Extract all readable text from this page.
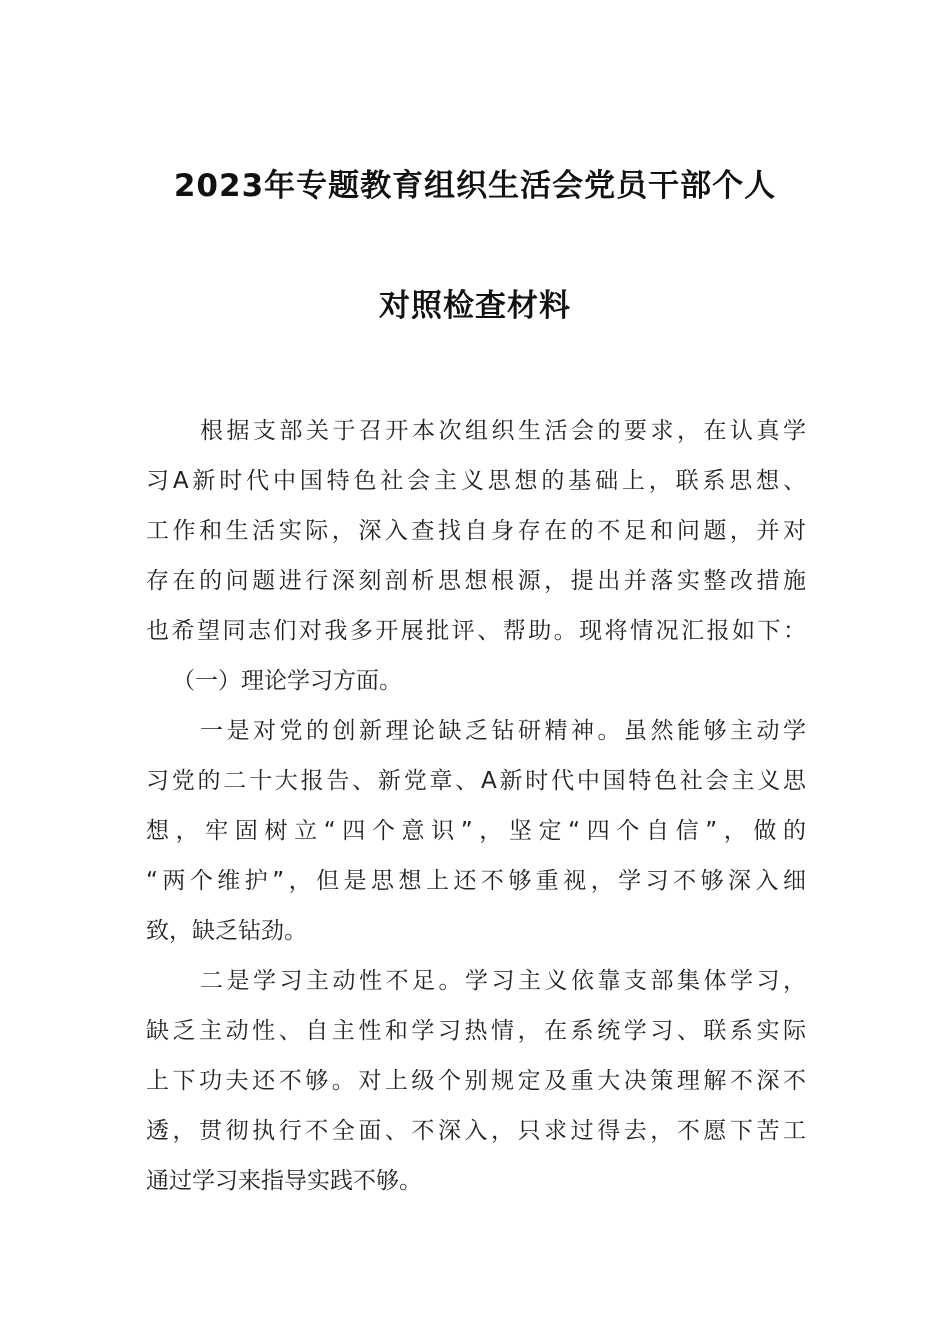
2023年专题教育组织生活会党员干部个人
对照检查材料
根据支部关于召开本次组织生活会的要求，在认真学
习A新时代中国特色社会主义思想的基础上，联系思想、
工作和生活实际，深入查找自身存在的不足和问题，并对
存在的问题进行深刻剖析思想根源，提出并落实整改措施
也希望同志们对我多开展批评、帮助。现将情况汇报如下：
（一）理论学习方面。
一是对党的创新理论缺乏钻研精神。虽然能够主动学
习党的二十大报告、新党章、A新时代中国特色社会主义思
想，牢固树立“四个意识”，坚定“四个自信”，做的
“两个维护”，但是思想上还不够重视，学习不够深入细
致，缺乏钻劲。
二是学习主动性不足。学习主义依靠支部集体学习，
缺乏主动性、自主性和学习热情，在系统学习、联系实际
上下功夫还不够。对上级个别规定及重大决策理解不深不
透，贯彻执行不全面、不深入，只求过得去，不愿下苦工
通过学习来指导实践不够。
